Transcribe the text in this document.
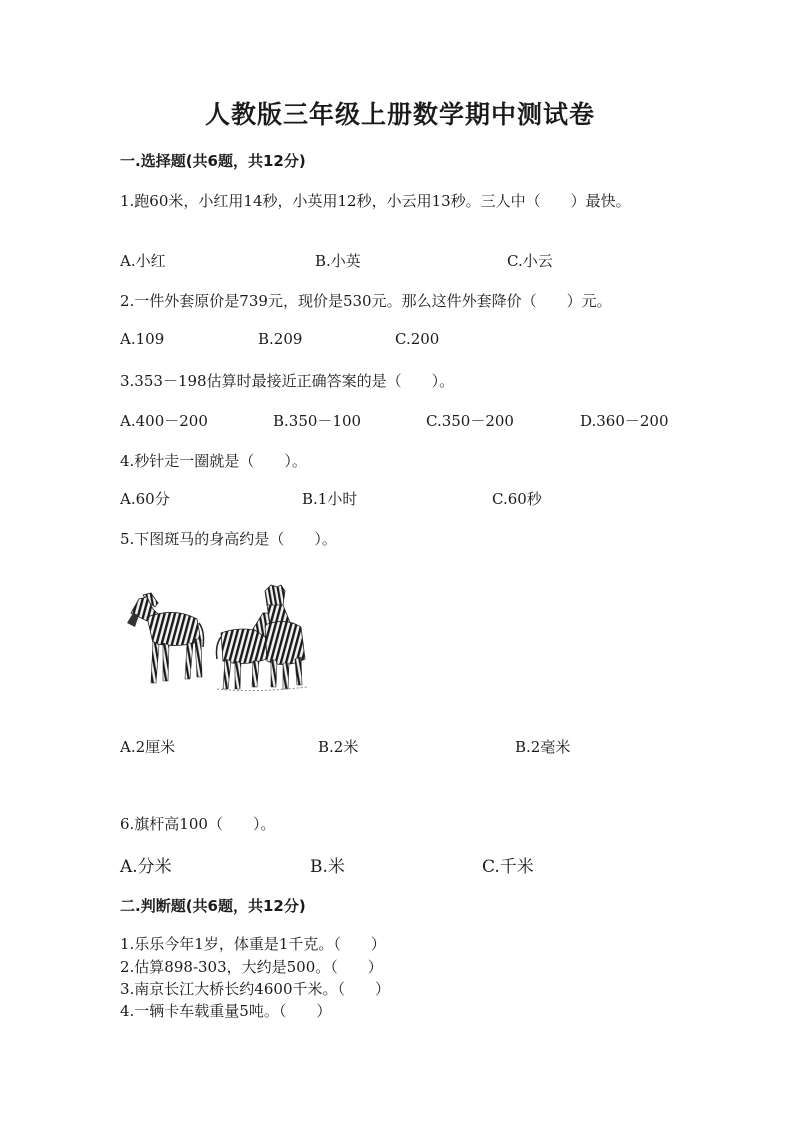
人教版三年级上册数学期中测试卷
一.选择题(共6题，共12分)
1.跑60米，小红用14秒，小英用12秒，小云用13秒。三人中（　　）最快。
A.小红	B.小英	C.小云
2.一件外套原价是739元，现价是530元。那么这件外套降价（　　）元。
A.109	B.209	C.200
3.353－198估算时最接近正确答案的是（　　）。
A.400－200	B.350－100	C.350－200	D.360－200
4.秒针走一圈就是（　　）。
A.60分	B.1小时	C.60秒
5.下图斑马的身高约是（　　）。
A.2厘米	B.2米	B.2毫米
6.旗杆高100（　　）。
A.分米	B.米	C.千米
二.判断题(共6题，共12分)
1.乐乐今年1岁，体重是1千克。（　　）
2.估算898-303，大约是500。（　　）
3.南京长江大桥长约4600千米。（　　）
4.一辆卡车载重量5吨。（　　）
